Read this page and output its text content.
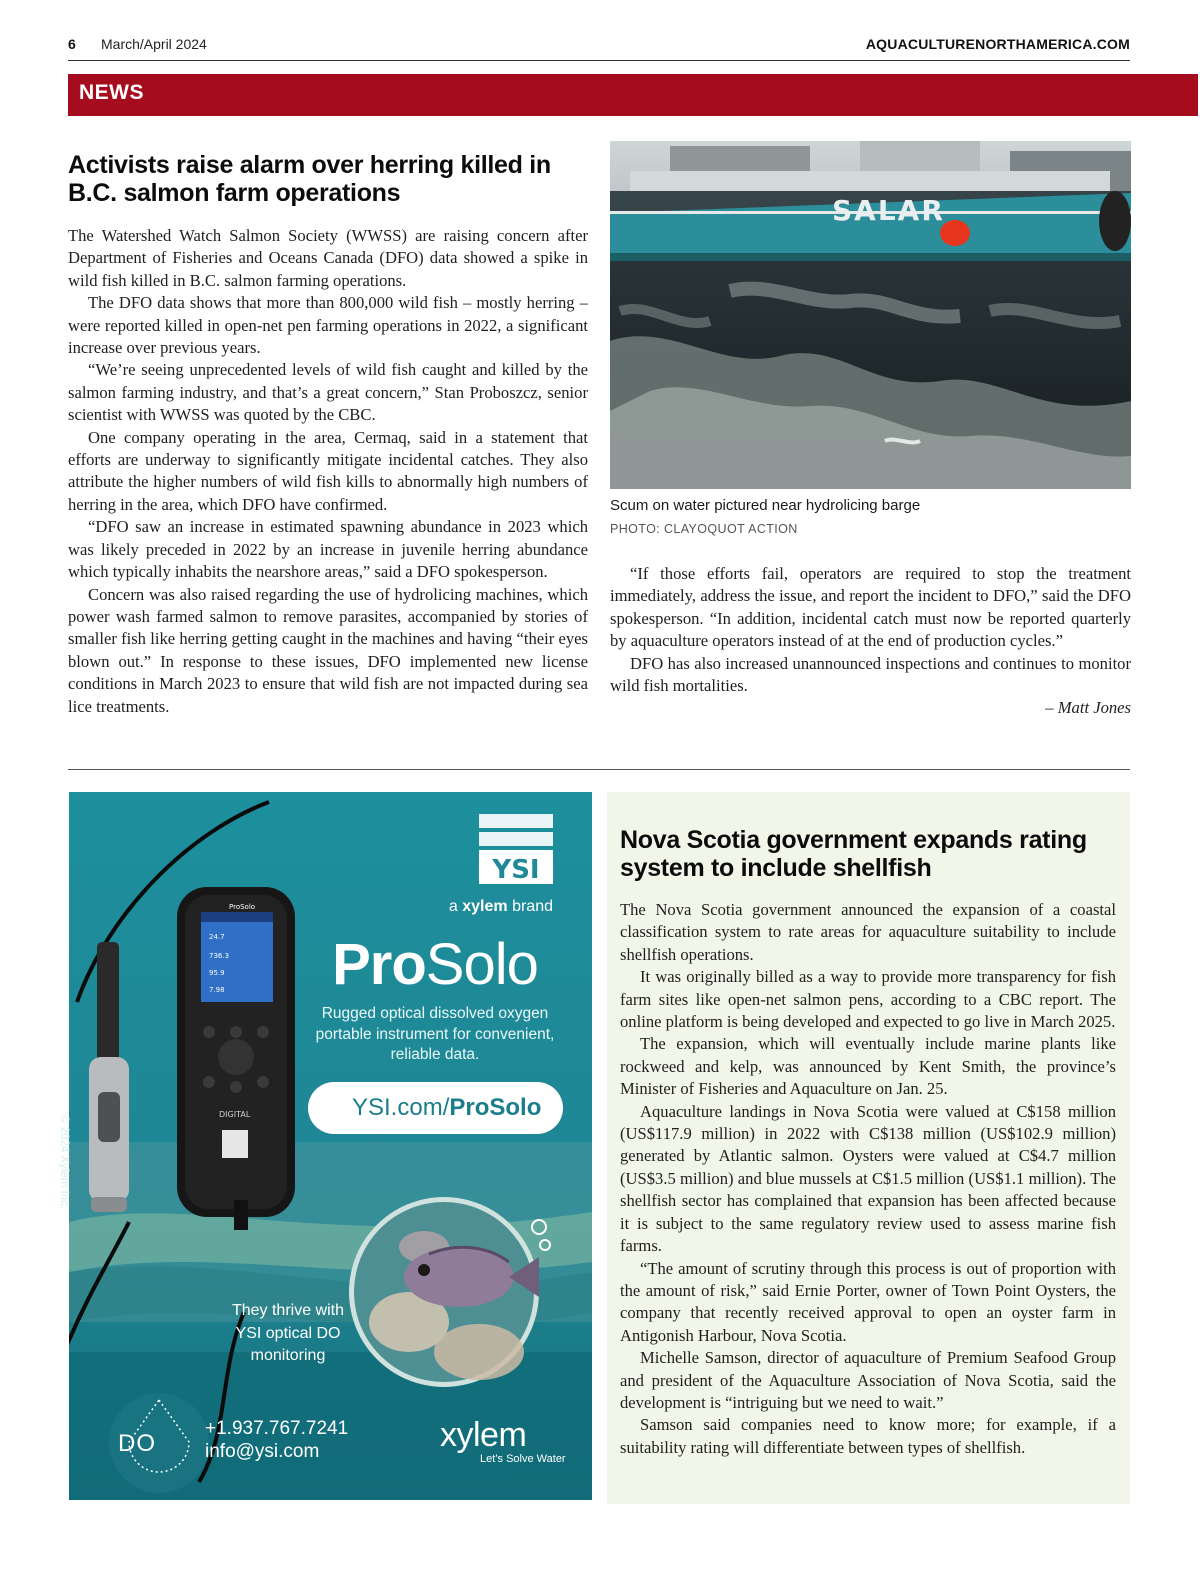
6 March/April 2024	AQUACULTURENORTHAMERICA.COM
NEWS
Activists raise alarm over herring killed in B.C. salmon farm operations

The Watershed Watch Salmon Society (WWSS) are raising concern after Department of Fisheries and Oceans Canada (DFO) data showed a spike in wild fish killed in B.C. salmon farming operations.

The DFO data shows that more than 800,000 wild fish – mostly herring – were reported killed in open-net pen farming operations in 2022, a significant increase over previous years.

“We’re seeing unprecedented levels of wild fish caught and killed by the salmon farming industry, and that’s a great concern,” Stan Proboszcz, senior scientist with WWSS was quoted by the CBC.

One company operating in the area, Cermaq, said in a statement that efforts are underway to significantly mitigate incidental catches. They also attribute the higher numbers of wild fish kills to abnormally high numbers of herring in the area, which DFO have confirmed.

“DFO saw an increase in estimated spawning abundance in 2023 which was likely preceded in 2022 by an increase in juvenile herring abundance which typically inhabits the nearshore areas,” said a DFO spokesperson.

Concern was also raised regarding the use of hydrolicing machines, which power wash farmed salmon to remove parasites, accompanied by stories of smaller fish like herring getting caught in the machines and having “their eyes blown out.” In response to these issues, DFO implemented new license conditions in March 2023 to ensure that wild fish are not impacted during sea lice treatments.

SALAR
Scum on water pictured near hydrolicing barge
PHOTO: CLAYOQUOT ACTION

“If those efforts fail, operators are required to stop the treatment immediately, address the issue, and report the incident to DFO,” said the DFO spokesperson. “In addition, incidental catch must now be reported quarterly by aquaculture operators instead of at the end of production cycles.”

DFO has also increased unannounced inspections and continues to monitor wild fish mortalities.

– Matt Jones

ProSolo
24.7
736.3
95.9
7.98
DIGITAL
YSI
a xylem brand
ProSolo
Rugged optical dissolved oxygen portable instrument for convenient, reliable data.
YSI.com/ProSolo
They thrive with YSI optical DO monitoring
DO
+1.937.767.7241
info@ysi.com	xylem
Let’s Solve Water
© 2024 Xylem Inc.
Nova Scotia government expands rating system to include shellfish

The Nova Scotia government announced the expansion of a coastal classification system to rate areas for aquaculture suitability to include shellfish operations.

It was originally billed as a way to provide more transparency for fish farm sites like open-net salmon pens, according to a CBC report. The online platform is being developed and expected to go live in March 2025.

The expansion, which will eventually include marine plants like rockweed and kelp, was announced by Kent Smith, the province’s Minister of Fisheries and Aquaculture on Jan. 25.

Aquaculture landings in Nova Scotia were valued at C$158 million (US$117.9 million) in 2022 with C$138 million (US$102.9 million) generated by Atlantic salmon. Oysters were valued at C$4.7 million (US$3.5 million) and blue mussels at C$1.5 million (US$1.1 million). The shellfish sector has complained that expansion has been affected because it is subject to the same regulatory review used to assess marine fish farms.

“The amount of scrutiny through this process is out of proportion with the amount of risk,” said Ernie Porter, owner of Town Point Oysters, the company that recently received approval to open an oyster farm in Antigonish Harbour, Nova Scotia.

Michelle Samson, director of aquaculture of Premium Seafood Group and president of the Aquaculture Association of Nova Scotia, said the development is “intriguing but we need to wait.”

Samson said companies need to know more; for example, if a suitability rating will differentiate between types of shellfish.
